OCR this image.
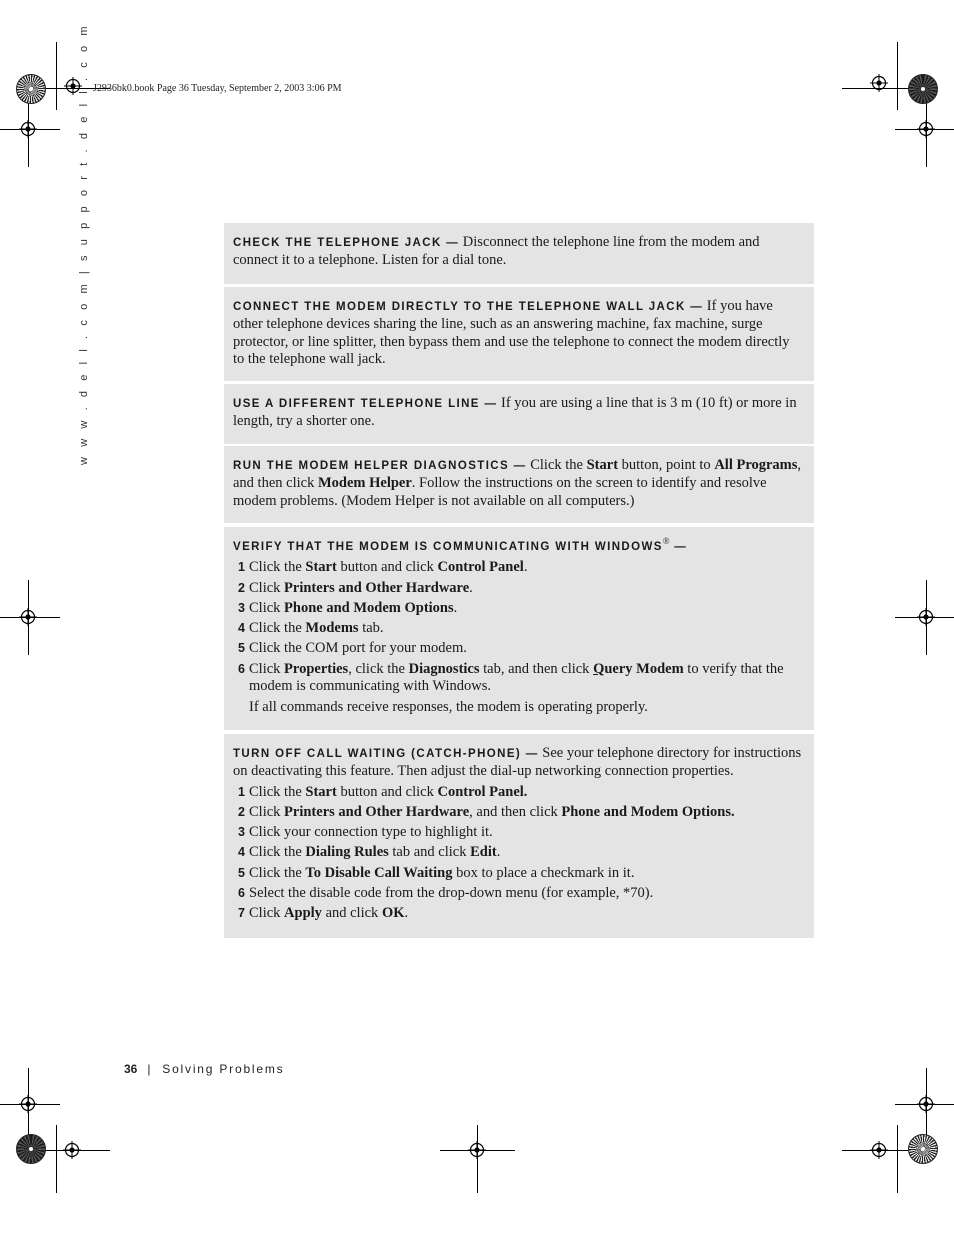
J2936bk0.book Page 36 Tuesday, September 2, 2003 3:06 PM
w w w . d e l l . c o m | s u p p o r t . d e l l . c o m	CHECK THE TELEPHONE JACK — Disconnect the telephone line from the modem and connect it to a telephone. Listen for a dial tone.
CONNECT THE MODEM DIRECTLY TO THE TELEPHONE WALL JACK — If you have other telephone devices sharing the line, such as an answering machine, fax machine, surge protector, or line splitter, then bypass them and use the telephone to connect the modem directly to the telephone wall jack.
USE A DIFFERENT TELEPHONE LINE — If you are using a line that is 3 m (10 ft) or more in length, try a shorter one.
RUN THE MODEM HELPER DIAGNOSTICS — Click the Start button, point to All Programs, and then click Modem Helper. Follow the instructions on the screen to identify and resolve modem problems. (Modem Helper is not available on all computers.)
VERIFY THAT THE MODEM IS COMMUNICATING WITH WINDOWS® —
1 Click the Start button and click Control Panel.
2 Click Printers and Other Hardware.
3 Click Phone and Modem Options.
4 Click the Modems tab.
5 Click the COM port for your modem.
6 Click Properties, click the Diagnostics tab, and then click Query Modem to verify that the modem is communicating with Windows.
If all commands receive responses, the modem is operating properly.
TURN OFF CALL WAITING (CATCH-PHONE) — See your telephone directory for instructions on deactivating this feature. Then adjust the dial-up networking connection properties.
1 Click the Start button and click Control Panel.
2 Click Printers and Other Hardware, and then click Phone and Modem Options.
3 Click your connection type to highlight it.
4 Click the Dialing Rules tab and click Edit.
5 Click the To Disable Call Waiting box to place a checkmark in it.
6 Select the disable code from the drop-down menu (for example, *70).
7 Click Apply and click OK.
36 | Solving Problems
